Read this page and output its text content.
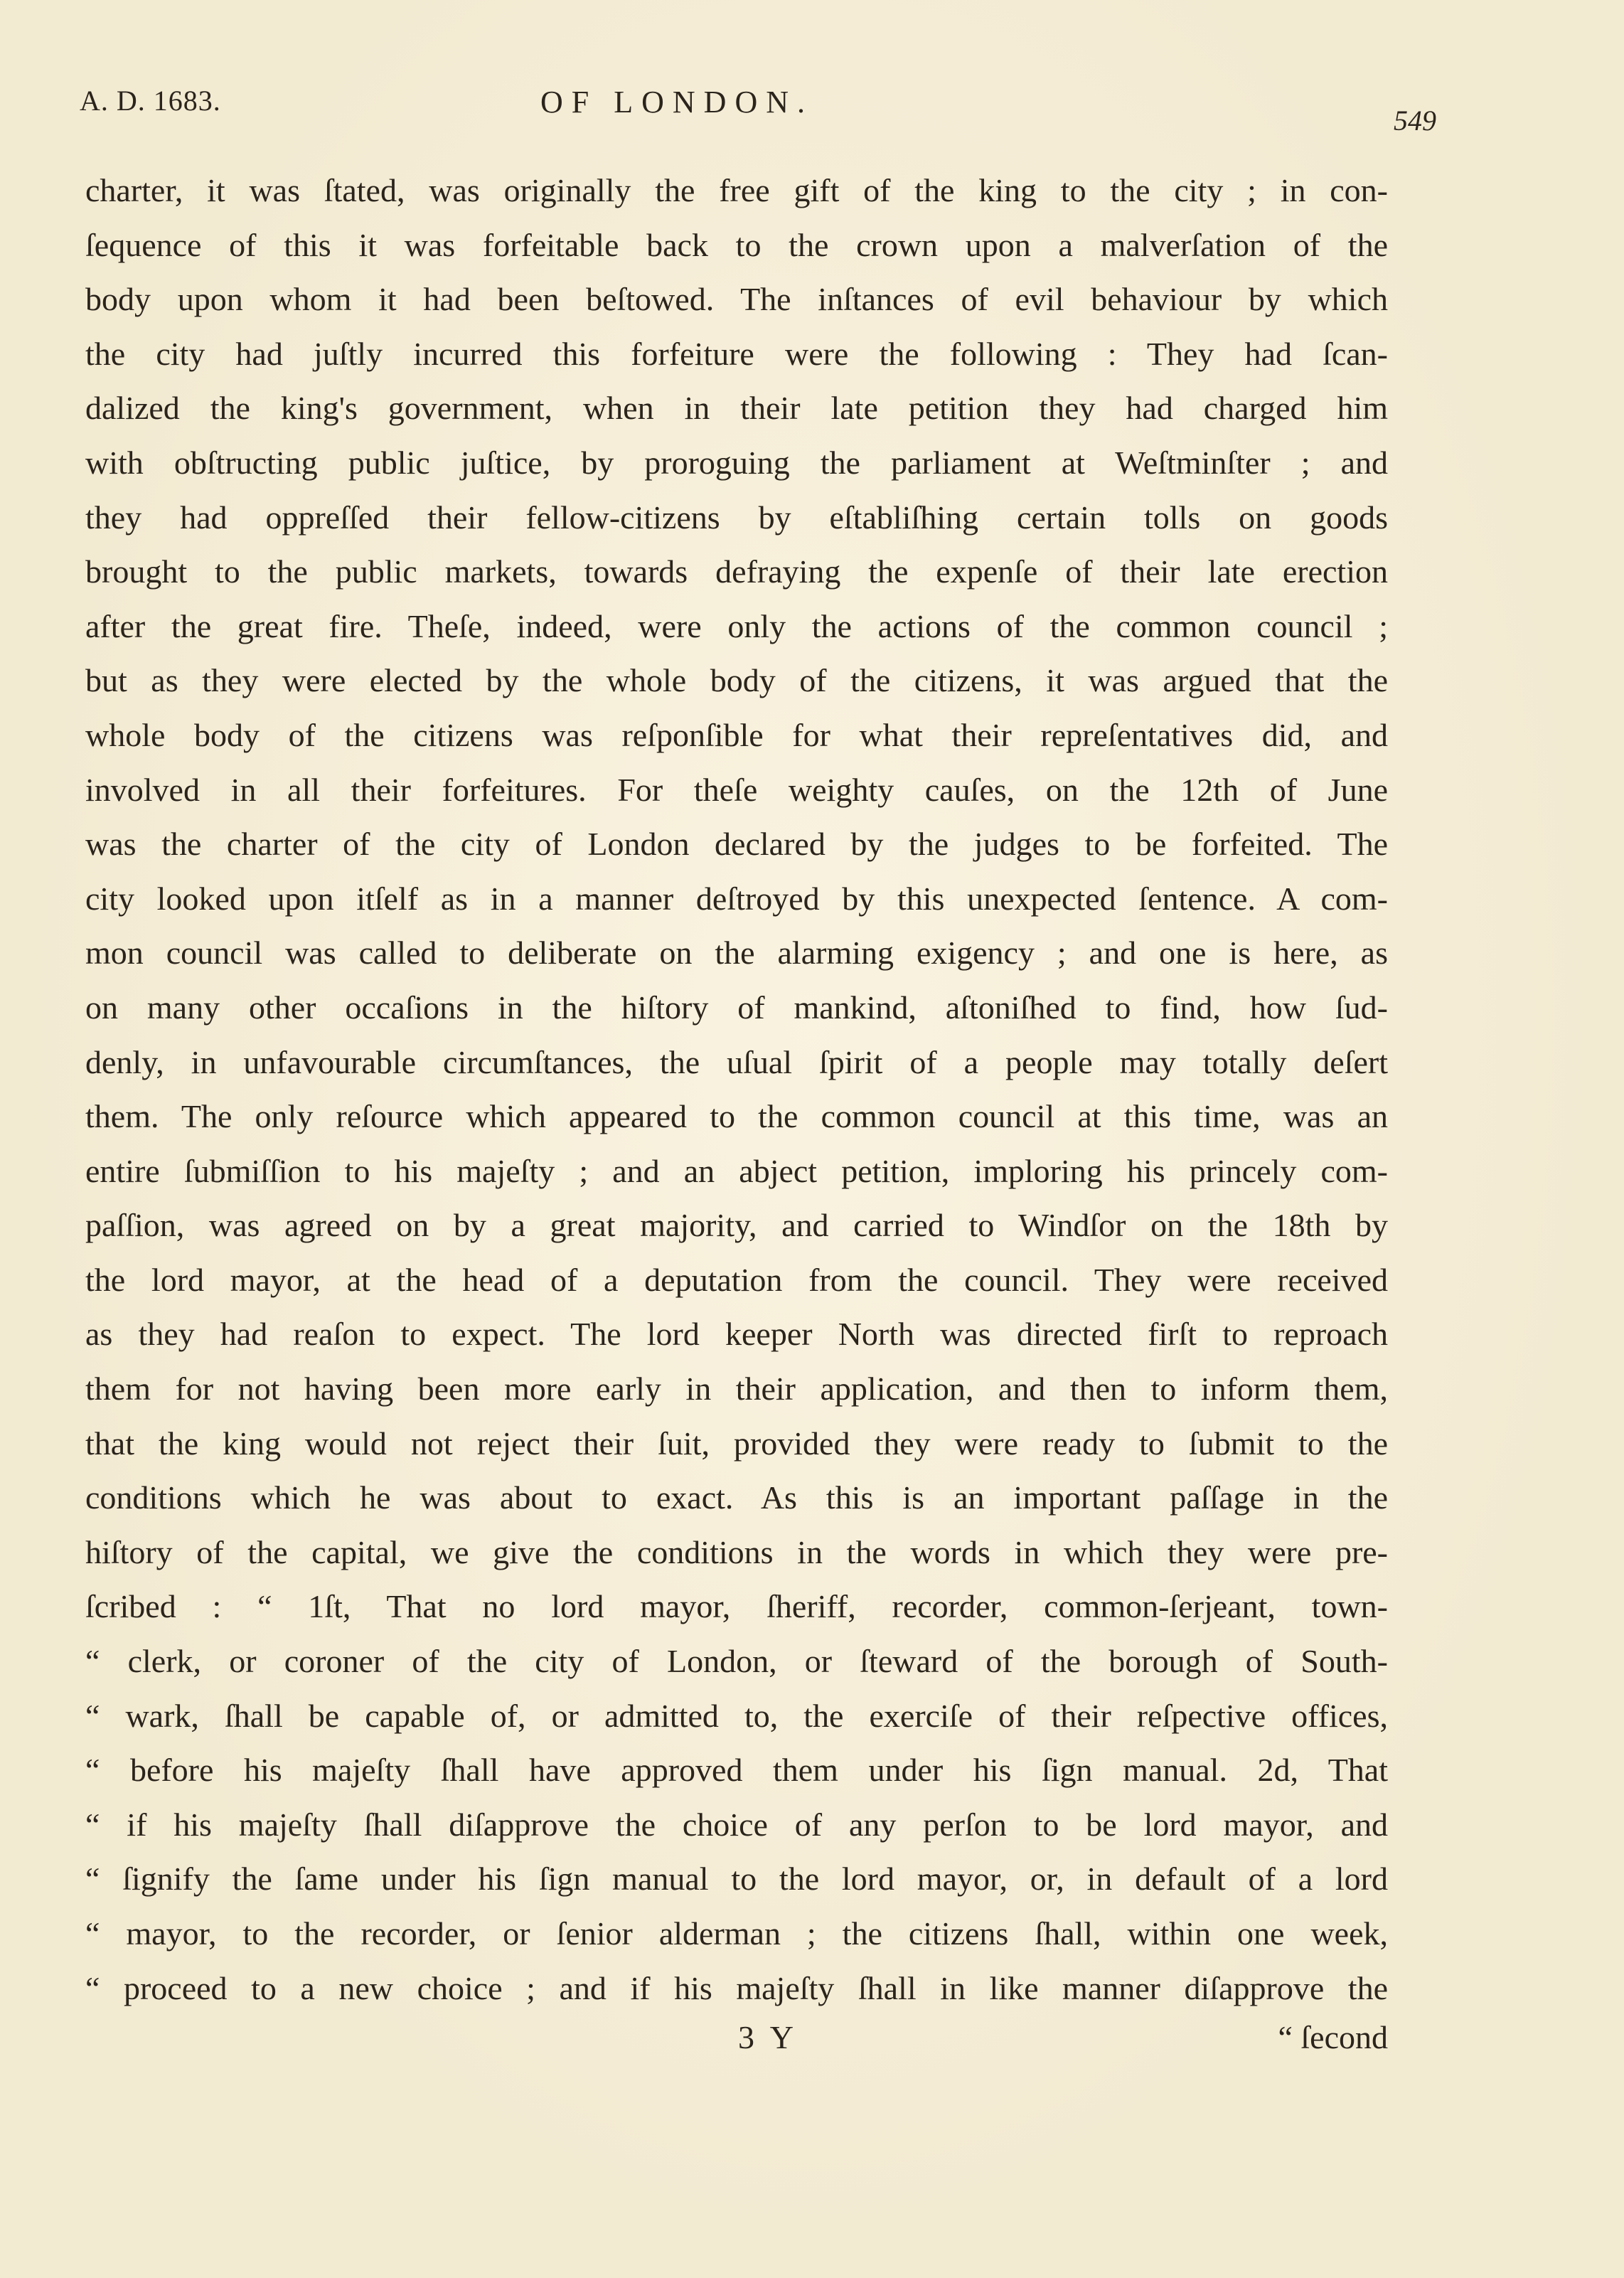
A. D. 1683.	OF LONDON.
549
charter, it was ſtated, was originally the free gift of the king to the city ; in con-
ſequence of this it was forfeitable back to the crown upon a malverſation of the
body upon whom it had been beſtowed. The inſtances of evil behaviour by which
the city had juſtly incurred this forfeiture were the following : They had ſcan-
dalized the king's government, when in their late petition they had charged him
with obſtructing public juſtice, by proroguing the parliament at Weſtminſter ; and
they had oppreſſed their fellow-citizens by eſtabliſhing certain tolls on goods
brought to the public markets, towards defraying the expenſe of their late erection
after the great fire. Theſe, indeed, were only the actions of the common council ;
but as they were elected by the whole body of the citizens, it was argued that the
whole body of the citizens was reſponſible for what their repreſentatives did, and
involved in all their forfeitures. For theſe weighty cauſes, on the 12th of June
was the charter of the city of London declared by the judges to be forfeited. The
city looked upon itſelf as in a manner deſtroyed by this unexpected ſentence. A com-
mon council was called to deliberate on the alarming exigency ; and one is here, as
on many other occaſions in the hiſtory of mankind, aſtoniſhed to find, how ſud-
denly, in unfavourable circumſtances, the uſual ſpirit of a people may totally deſert
them. The only reſource which appeared to the common council at this time, was an
entire ſubmiſſion to his majeſty ; and an abject petition, imploring his princely com-
paſſion, was agreed on by a great majority, and carried to Windſor on the 18th by
the lord mayor, at the head of a deputation from the council. They were received
as they had reaſon to expect. The lord keeper North was directed firſt to reproach
them for not having been more early in their application, and then to inform them,
that the king would not reject their ſuit, provided they were ready to ſubmit to the
conditions which he was about to exact. As this is an important paſſage in the
hiſtory of the capital, we give the conditions in the words in which they were pre-
ſcribed : “ 1ſt, That no lord mayor, ſheriff, recorder, common-ſerjeant, town-
“ clerk, or coroner of the city of London, or ſteward of the borough of South-
“ wark, ſhall be capable of, or admitted to, the exerciſe of their reſpective offices,
“ before his majeſty ſhall have approved them under his ſign manual. 2d, That
“ if his majeſty ſhall diſapprove the choice of any perſon to be lord mayor, and
“ ſignify the ſame under his ſign manual to the lord mayor, or, in default of a lord
“ mayor, to the recorder, or ſenior alderman ; the citizens ſhall, within one week,
“ proceed to a new choice ; and if his majeſty ſhall in like manner diſapprove the
3 Y	“ ſecond
